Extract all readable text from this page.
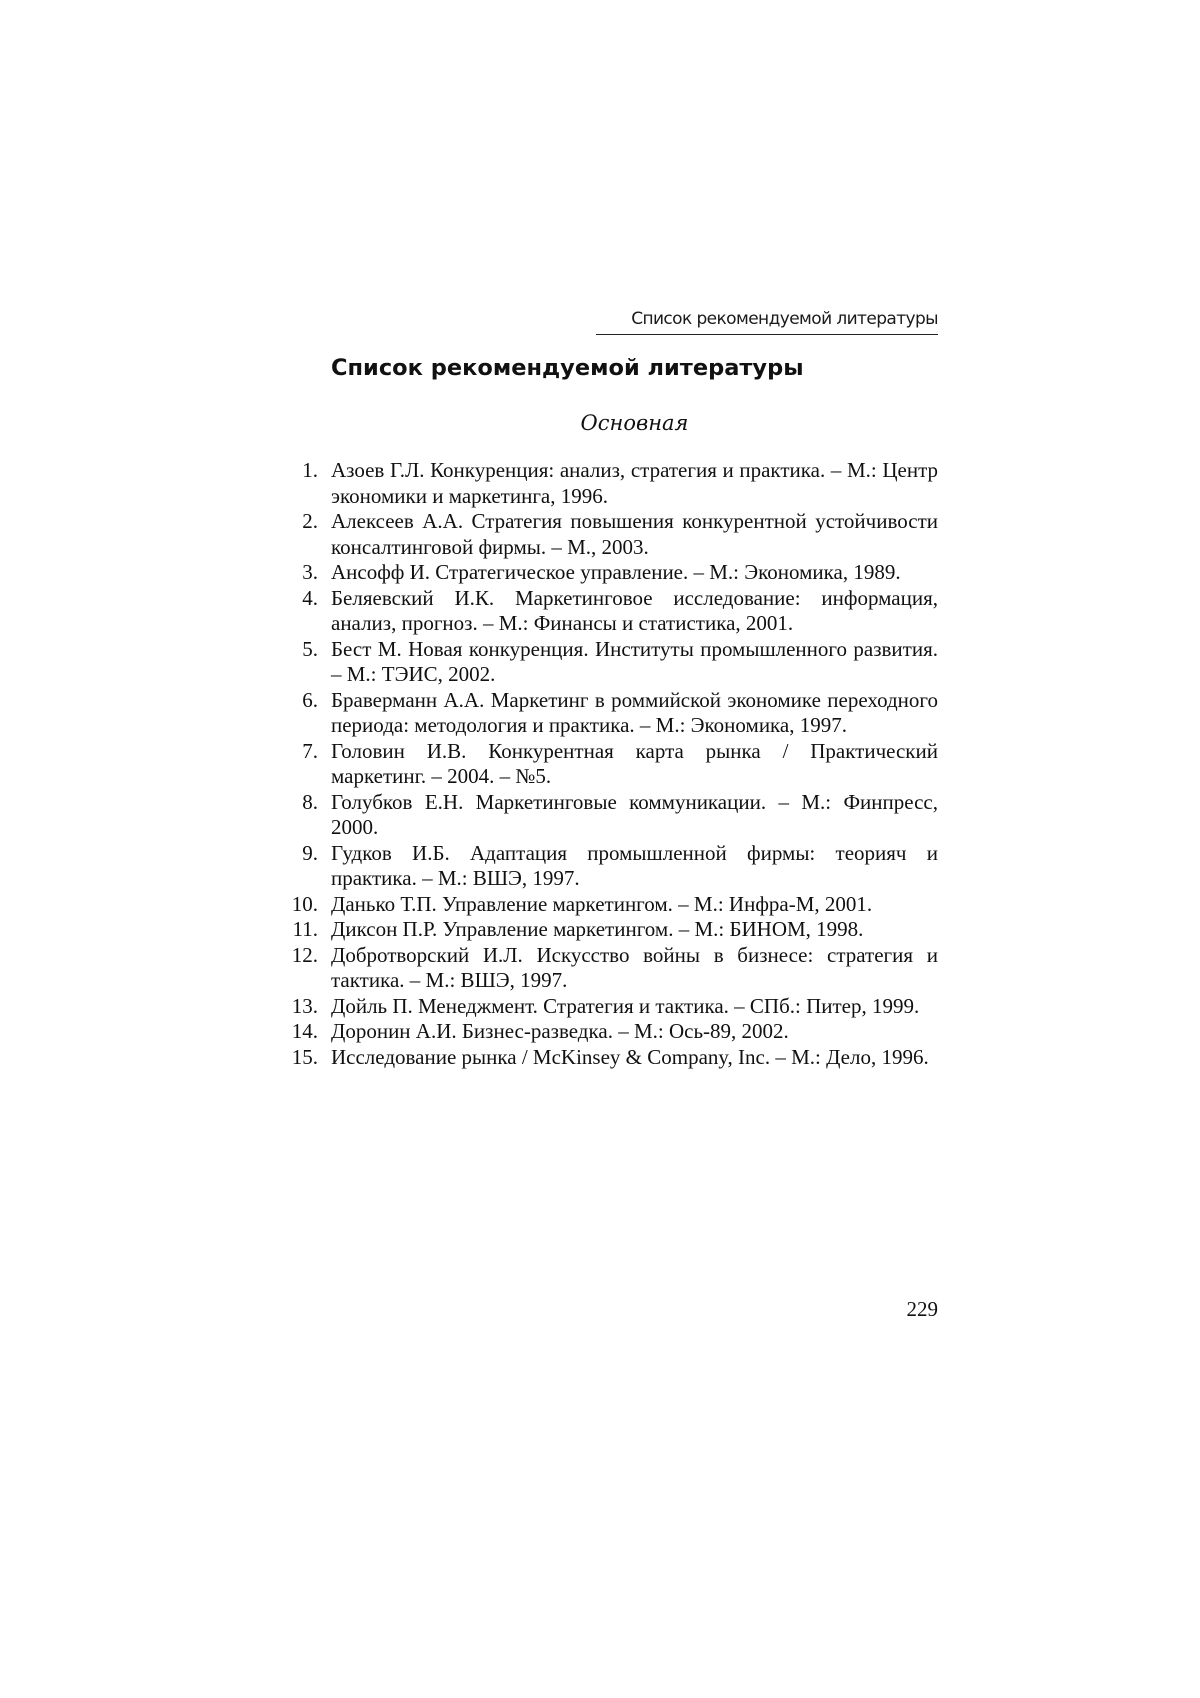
Список рекомендуемой литературы
Список рекомендуемой литературы
Основная
1. Азоев Г.Л. Конкуренция: анализ, стратегия и практика. – М.: Центр экономики и маркетинга, 1996.
2. Алексеев А.А. Стратегия повышения конкурентной устойчивости консалтинговой фирмы. – М., 2003.
3. Ансофф И. Стратегическое управление. – М.: Экономика, 1989.
4. Беляевский И.К. Маркетинговое исследование: информация, анализ, прогноз. – М.: Финансы и статистика, 2001.
5. Бест М. Новая конкуренция. Институты промышленного развития. – М.: ТЭИС, 2002.
6. Браверманн А.А. Маркетинг в роммийской экономике переходного периода: методология и практика. – М.: Экономика, 1997.
7. Головин И.В. Конкурентная карта рынка / Практический маркетинг. – 2004. – №5.
8. Голубков Е.Н. Маркетинговые коммуникации. – М.: Финпресс, 2000.
9. Гудков И.Б. Адаптация промышленной фирмы: теорияч и практика. – М.: ВШЭ, 1997.
10. Данько Т.П. Управление маркетингом. – М.: Инфра-М, 2001.
11. Диксон П.Р. Управление маркетингом. – М.: БИНОМ, 1998.
12. Добротворский И.Л. Искусство войны в бизнесе: стратегия и тактика. – М.: ВШЭ, 1997.
13. Дойль П. Менеджмент. Стратегия и тактика. – СПб.: Питер, 1999.
14. Доронин А.И. Бизнес-разведка. – М.: Ось-89, 2002.
15. Исследование рынка / McKinsey & Company, Inc. – М.: Дело, 1996.
229
